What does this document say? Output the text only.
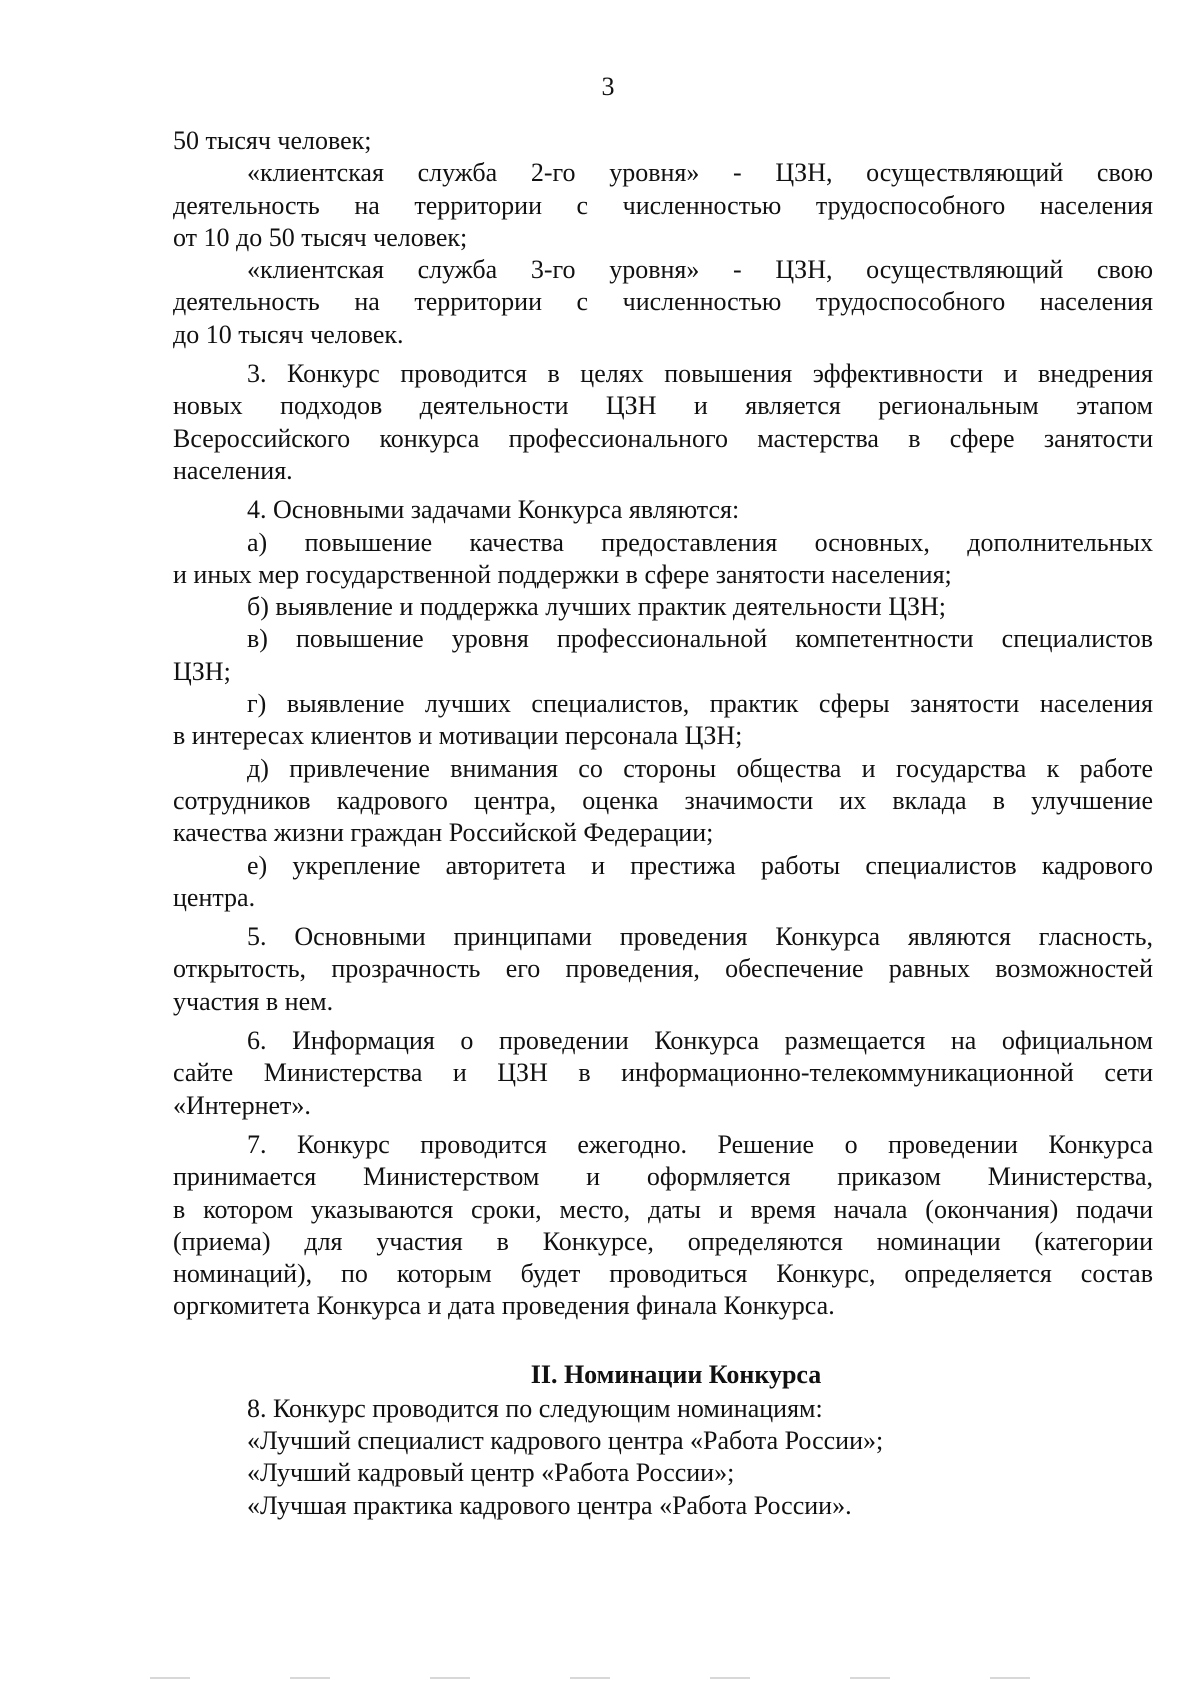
3
50 тысяч человек;
«клиентская служба 2-го уровня» - ЦЗН, осуществляющий свою
деятельность на территории с численностью трудоспособного населения
от 10 до 50 тысяч человек;
«клиентская служба 3-го уровня» - ЦЗН, осуществляющий свою
деятельность на территории с численностью трудоспособного населения
до 10 тысяч человек.
3. Конкурс проводится в целях повышения эффективности и внедрения
новых подходов деятельности ЦЗН и является региональным этапом
Всероссийского конкурса профессионального мастерства в сфере занятости
населения.
4. Основными задачами Конкурса являются:
а) повышение качества предоставления основных, дополнительных
и иных мер государственной поддержки в сфере занятости населения;
б) выявление и поддержка лучших практик деятельности ЦЗН;
в) повышение уровня профессиональной компетентности специалистов
ЦЗН;
г) выявление лучших специалистов, практик сферы занятости населения
в интересах клиентов и мотивации персонала ЦЗН;
д) привлечение внимания со стороны общества и государства к работе
сотрудников кадрового центра, оценка значимости их вклада в улучшение
качества жизни граждан Российской Федерации;
е) укрепление авторитета и престижа работы специалистов кадрового
центра.
5. Основными принципами проведения Конкурса являются гласность,
открытость, прозрачность его проведения, обеспечение равных возможностей
участия в нем.
6. Информация о проведении Конкурса размещается на официальном
сайте Министерства и ЦЗН в информационно-телекоммуникационной сети
«Интернет».
7. Конкурс проводится ежегодно. Решение о проведении Конкурса
принимается Министерством и оформляется приказом Министерства,
в котором указываются сроки, место, даты и время начала (окончания) подачи
(приема) для участия в Конкурсе, определяются номинации (категории
номинаций), по которым будет проводиться Конкурс, определяется состав
оргкомитета Конкурса и дата проведения финала Конкурса.
II. Номинации Конкурса
8. Конкурс проводится по следующим номинациям:
«Лучший специалист кадрового центра «Работа России»;
«Лучший кадровый центр «Работа России»;
«Лучшая практика кадрового центра «Работа России».
